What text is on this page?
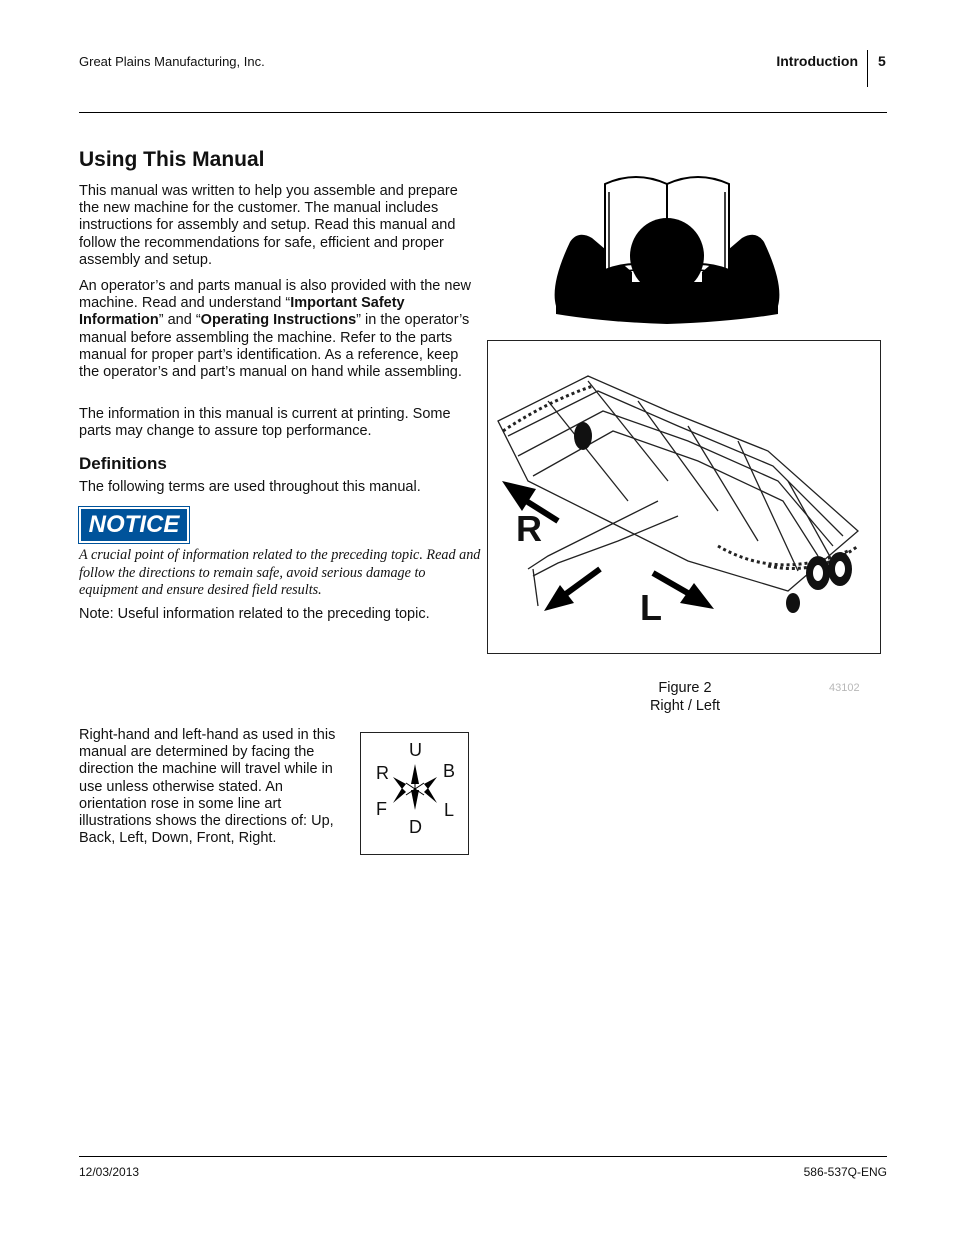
Great Plains Manufacturing, Inc.	Introduction 5
Using This Manual

This manual was written to help you assemble and prepare the new machine for the customer. The manual includes instructions for assembly and setup. Read this manual and follow the recommendations for safe, efficient and proper assembly and setup.

An operator’s and parts manual is also provided with the new machine. Read and understand “Important Safety Information” and “Operating Instructions” in the operator’s manual before assembling the machine. Refer to the parts manual for proper part’s identification. As a reference, keep the operator’s and part’s manual on hand while assembling.

The information in this manual is current at printing. Some parts may change to assure top performance.

Definitions

The following terms are used throughout this manual.

NOTICE

A crucial point of information related to the preceding topic. Read and follow the directions to remain safe, avoid serious damage to equipment and ensure desired field results.

Note: Useful information related to the preceding topic.

Right-hand and left-hand as used in this manual are determined by facing the direction the machine will travel while in use unless otherwise stated. An orientation rose in some line art illustrations shows the directions of: Up, Back, Left, Down, Front, Right.

U
R	B
F	L
D
R
L
Figure 2
Right / Left
43102
12/03/2013	586-537Q-ENG
